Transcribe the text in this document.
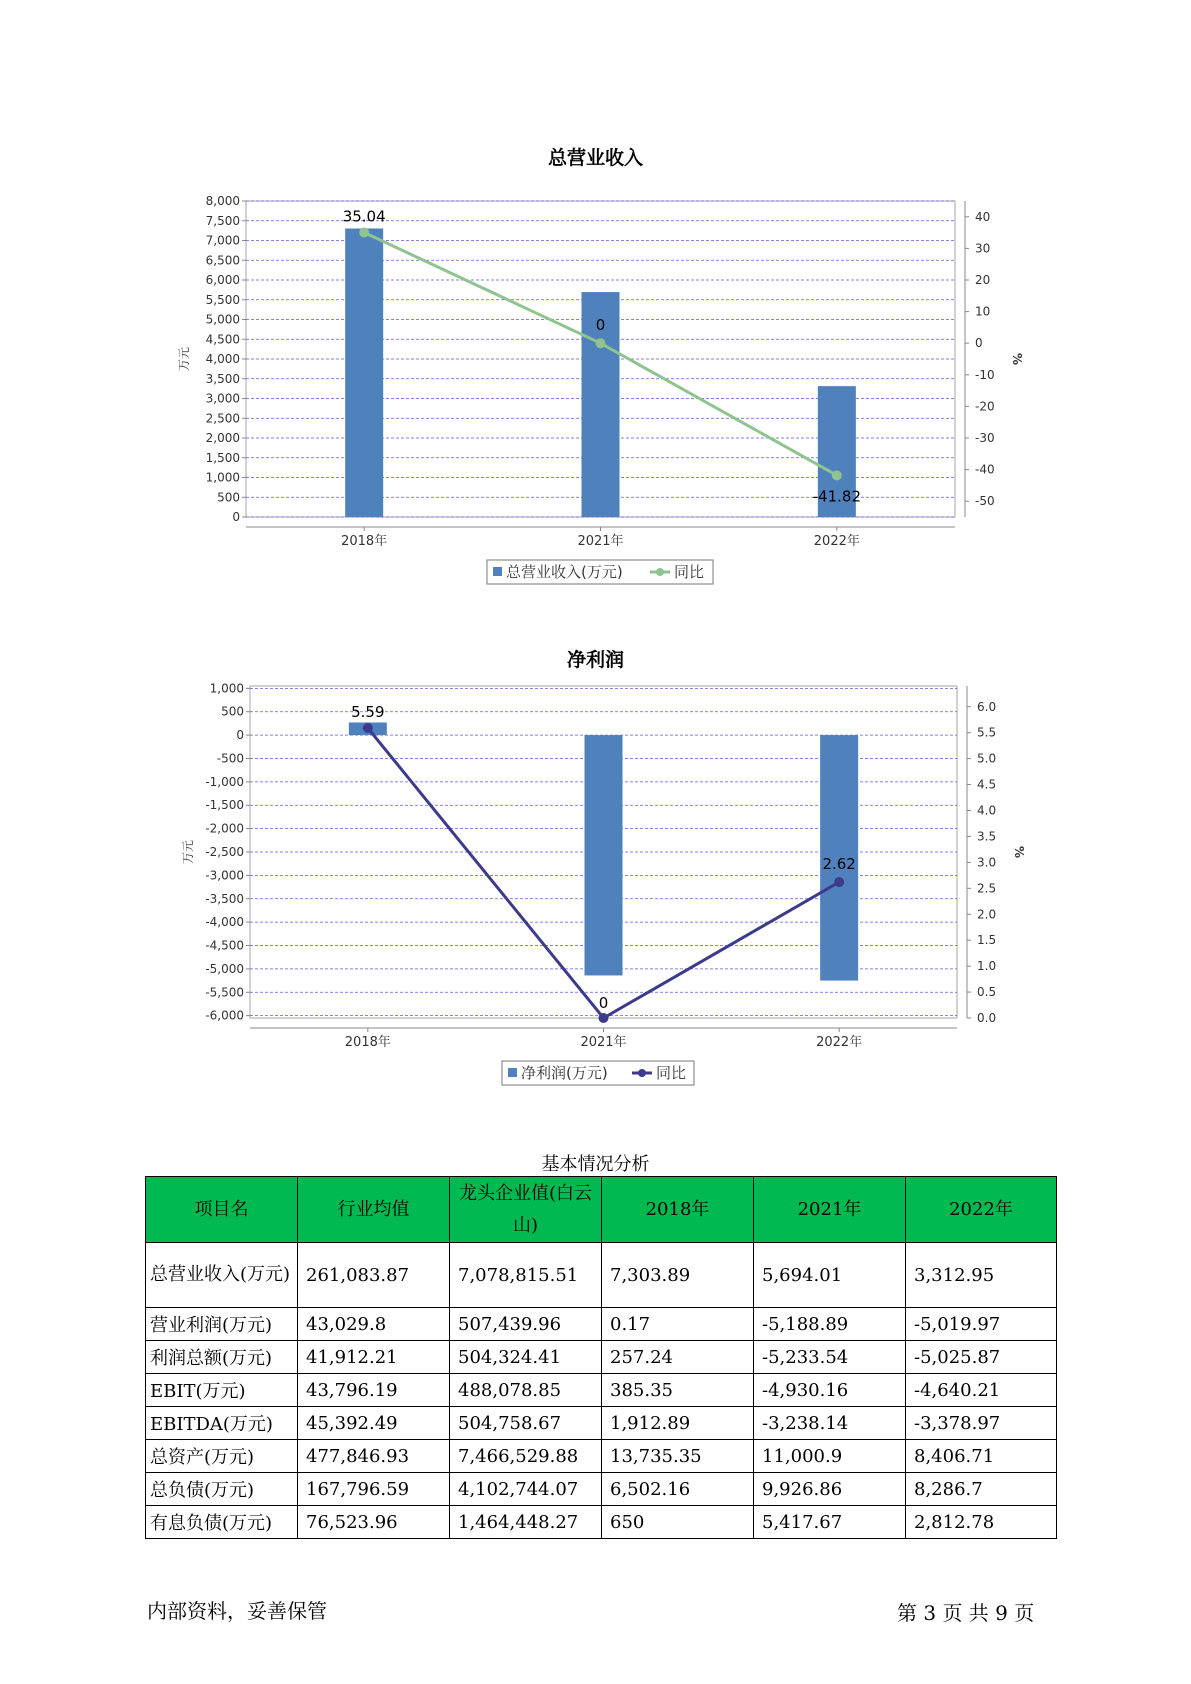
总营业收入
8,000
7,500
7,000
6,500
6,000
5,500
5,000
4,500
4,000
3,500
3,000
2,500
2,000
1,500
1,000
500
0
40
30
20
10
0
-10
-20
-30
-40
-50
2018年	2021年	2022年
万元	%
35.04
0
-41.82
总营业收入(万元)	同比
净利润
1,000
500
0
-500
-1,000
-1,500
-2,000
-2,500
-3,000
-3,500
-4,000
-4,500
-5,000
-5,500
-6,000
6.0
5.5
5.0
4.5
4.0
3.5
3.0
2.5
2.0
1.5
1.0
0.5
0.0
2018年	2021年	2022年
万元	%
5.59
0
2.62
净利润(万元)	同比
基本情况分析
项目名	行业均值	龙头企业值(白云山)	2018年	2021年	2022年
总营业收入(万元)	261,083.87	7,078,815.51	7,303.89	5,694.01	3,312.95
营业利润(万元)	43,029.8	507,439.96	0.17	-5,188.89	-5,019.97
利润总额(万元)	41,912.21	504,324.41	257.24	-5,233.54	-5,025.87
EBIT(万元)	43,796.19	488,078.85	385.35	-4,930.16	-4,640.21
EBITDA(万元)	45,392.49	504,758.67	1,912.89	-3,238.14	-3,378.97
总资产(万元)	477,846.93	7,466,529.88	13,735.35	11,000.9	8,406.71
总负债(万元)	167,796.59	4,102,744.07	6,502.16	9,926.86	8,286.7
有息负债(万元)	76,523.96	1,464,448.27	650	5,417.67	2,812.78
内部资料，妥善保管	第 3 页 共 9 页
